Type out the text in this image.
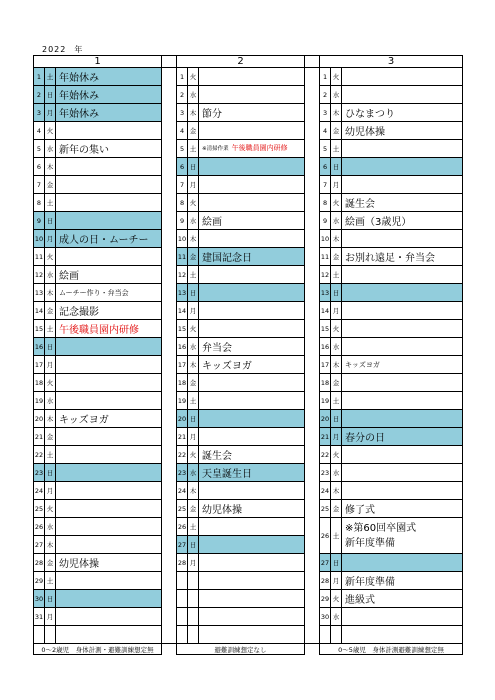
2022 年
1				2				3		
1	土	年始休み		1	火			1	火	
2	日	年始休み		2	水			2	水	
3	月	年始休み		3	木	節分		3	木	ひなまつり
4	火			4	金			4	金	幼児体操
5	水	新年の集い		5	土	※清掃作業 午後職員園内研修		5	土	
6	木			6	日			6	日	
7	金			7	月			7	月	
8	土			8	火			8	火	誕生会
9	日			9	水	絵画		9	水	絵画（3歳児）
10	月	成人の日・ムーチー		10	木			10	木	
11	火			11	金	建国記念日		11	金	お別れ遠足・弁当会
12	水	絵画		12	土			12	土	
13	木	ムーチー作り・弁当会		13	日			13	日	
14	金	記念撮影		14	月			14	月	
15	土	午後職員園内研修		15	火			15	火	
16	日			16	水	弁当会		16	水	
17	月			17	木	キッズヨガ		17	木	キッズヨガ
18	火			18	金			18	金	
19	水			19	土			19	土	
20	木	キッズヨガ		20	日			20	日	
21	金			21	月			21	月	春分の日
22	土			22	火	誕生会		22	火	
23	日			23	水	天皇誕生日		23	水	
24	月			24	木			24	木	
25	火			25	金	幼児体操		25	金	修了式
26	水			26	土			26	土	※第60回卒園式
新年度準備

27	木			27	日					
28	金	幼児体操		28	月			27	日	
29	土							28	月	新年度準備
30	日							29	火	進級式
31	月							30	水	

0～2歳児　身体計測・避難訓練想定無				避難訓練想定なし				0～5歳児　身体計測避難訓練想定無		
